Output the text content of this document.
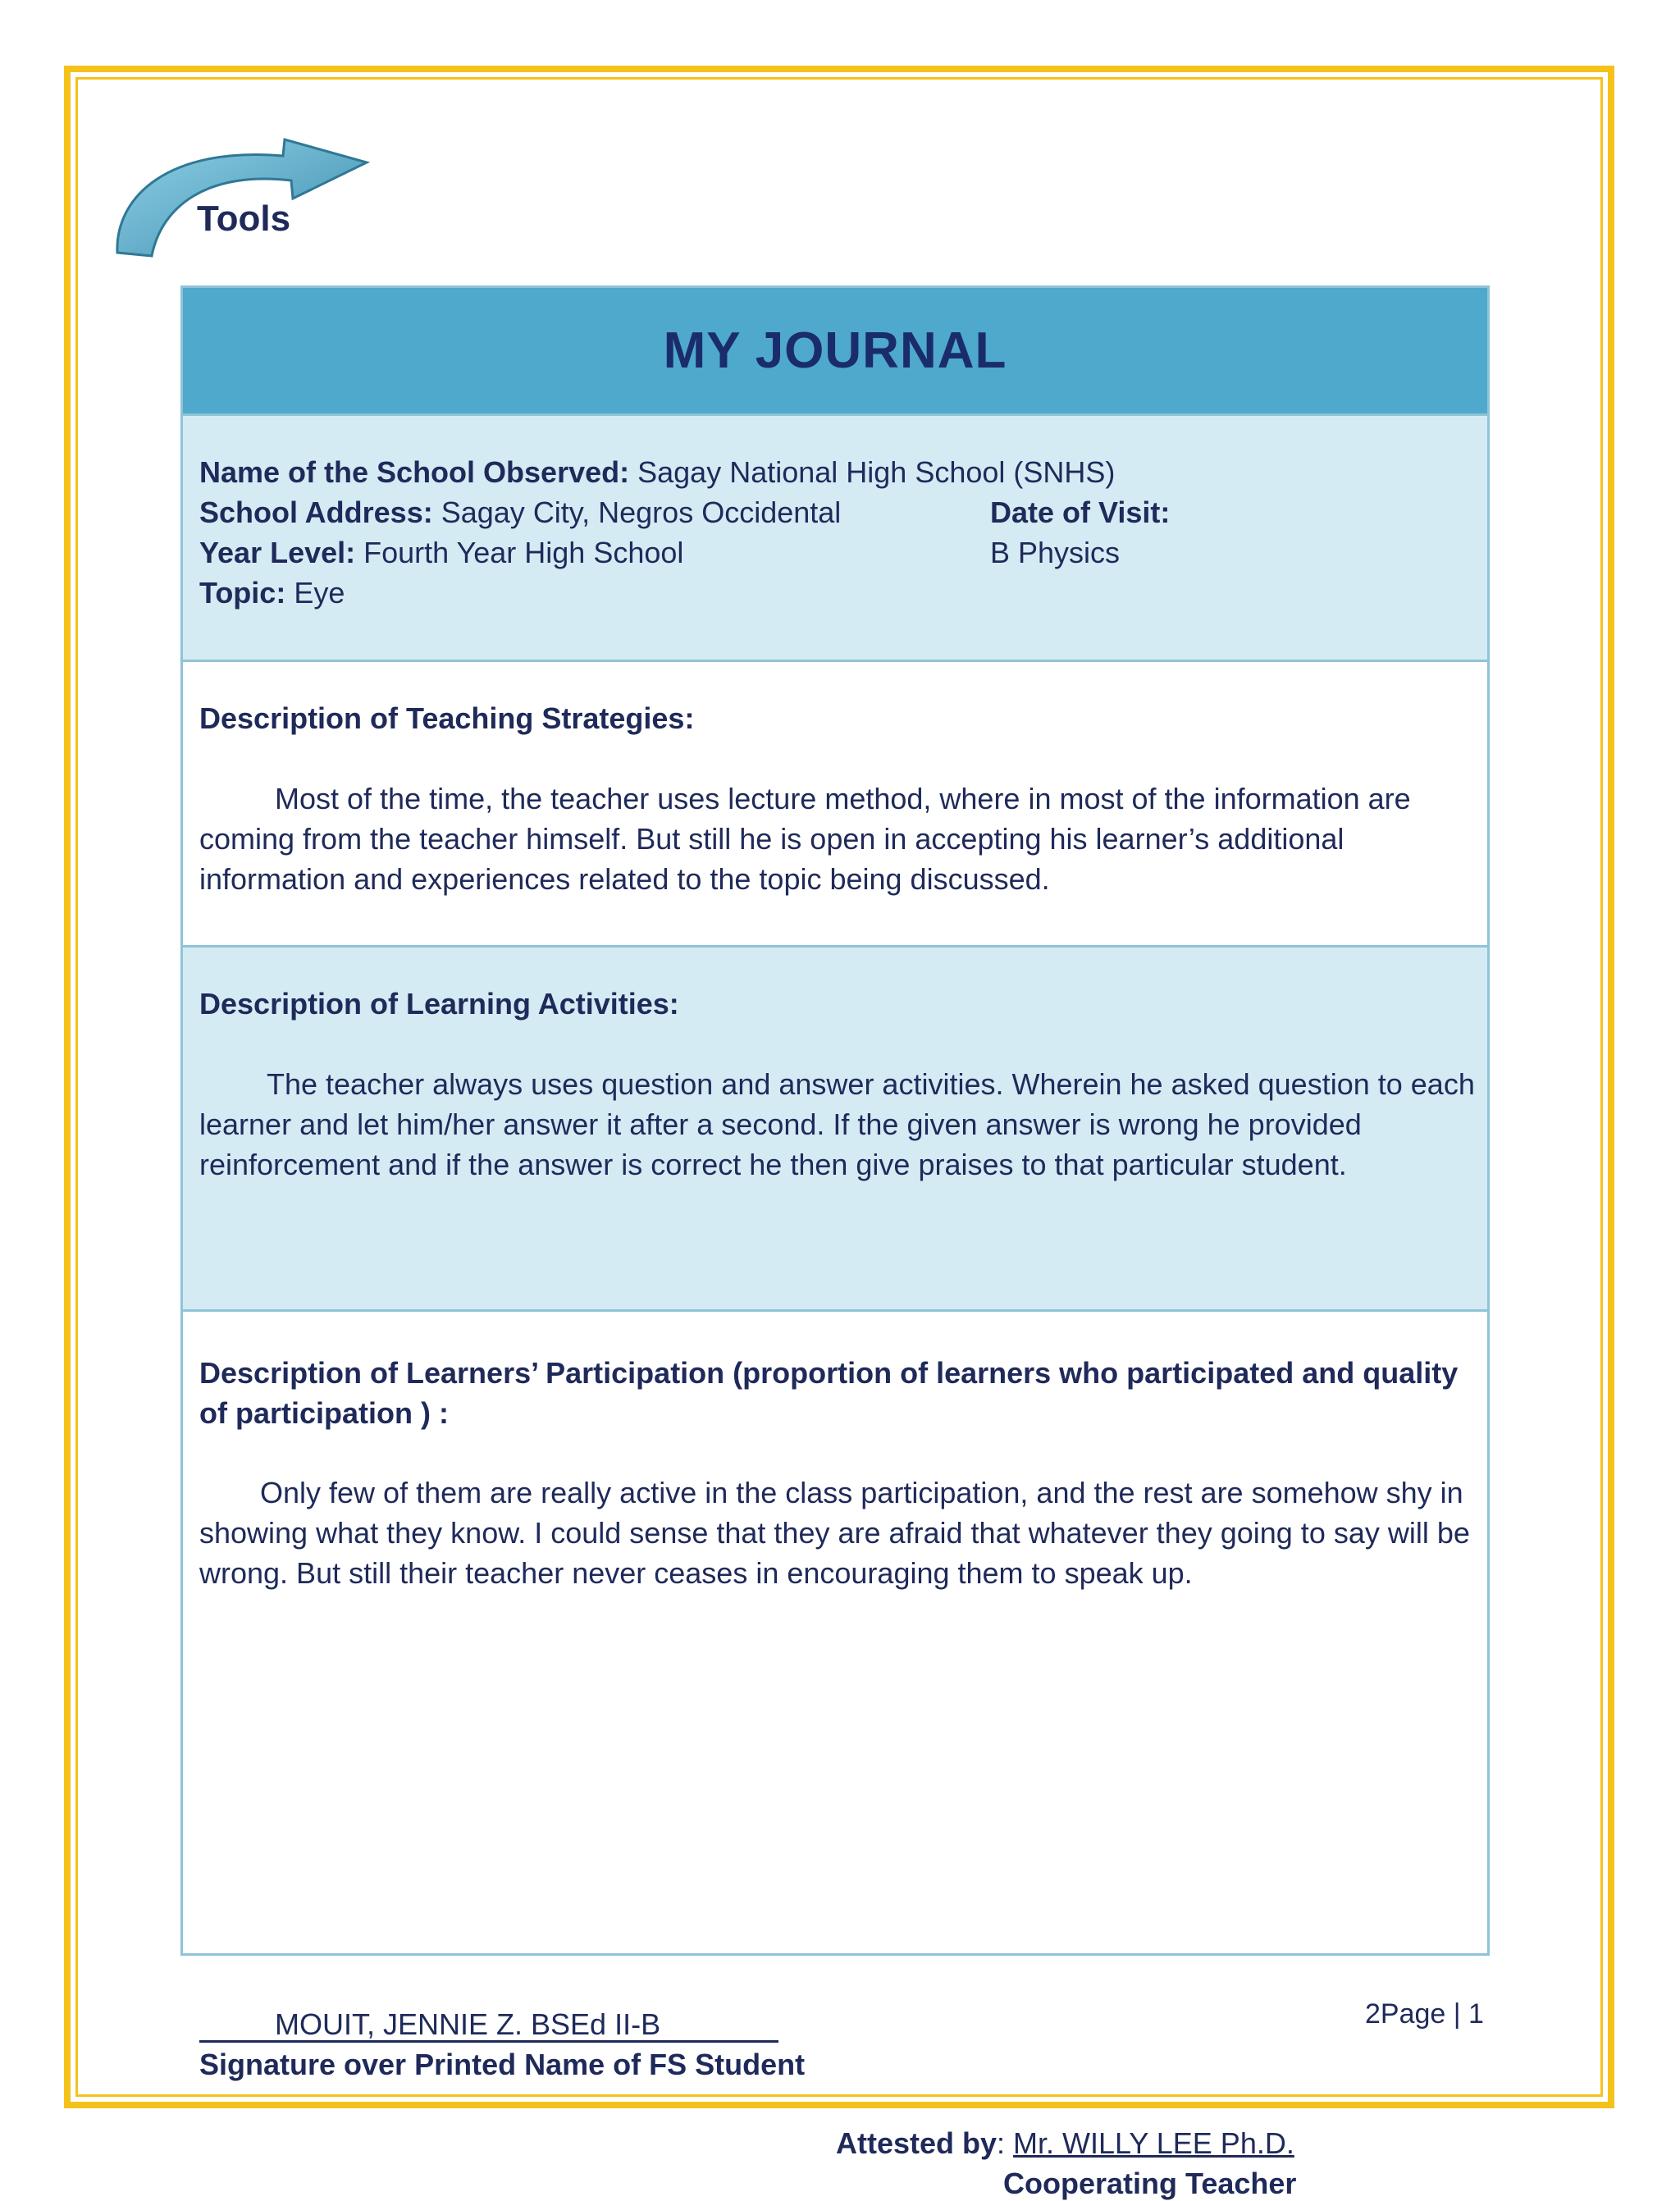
Tools
MY JOURNAL
Name of the School Observed: Sagay National High School (SNHS)
School Address: Sagay City, Negros Occidental	Date of Visit:
Year Level: Fourth Year High School	B Physics
Topic: Eye
Description of Teaching Strategies:
Most of the time, the teacher uses lecture method, where in most of the information are coming from the teacher himself. But still he is open in accepting his learner’s additional information and experiences related to the topic being discussed.
Description of Learning Activities:
The teacher always uses question and answer activities. Wherein he asked question to each learner and let him/her answer it after a second. If the given answer is wrong he provided reinforcement and if the answer is correct he then give praises to that particular student.
Description of Learners’ Participation (proportion of learners who participated and quality of participation ) :
Only few of them are really active in the class participation, and the rest are somehow shy in showing what they know. I could sense that they are afraid that whatever they going to say will be wrong. But still their teacher never ceases in encouraging them to speak up.
MOUIT, JENNIE Z. BSEd II-B
Signature over Printed Name of FS Student
Attested by: Mr. WILLY LEE Ph.D.
Cooperating Teacher
2Page | 1
